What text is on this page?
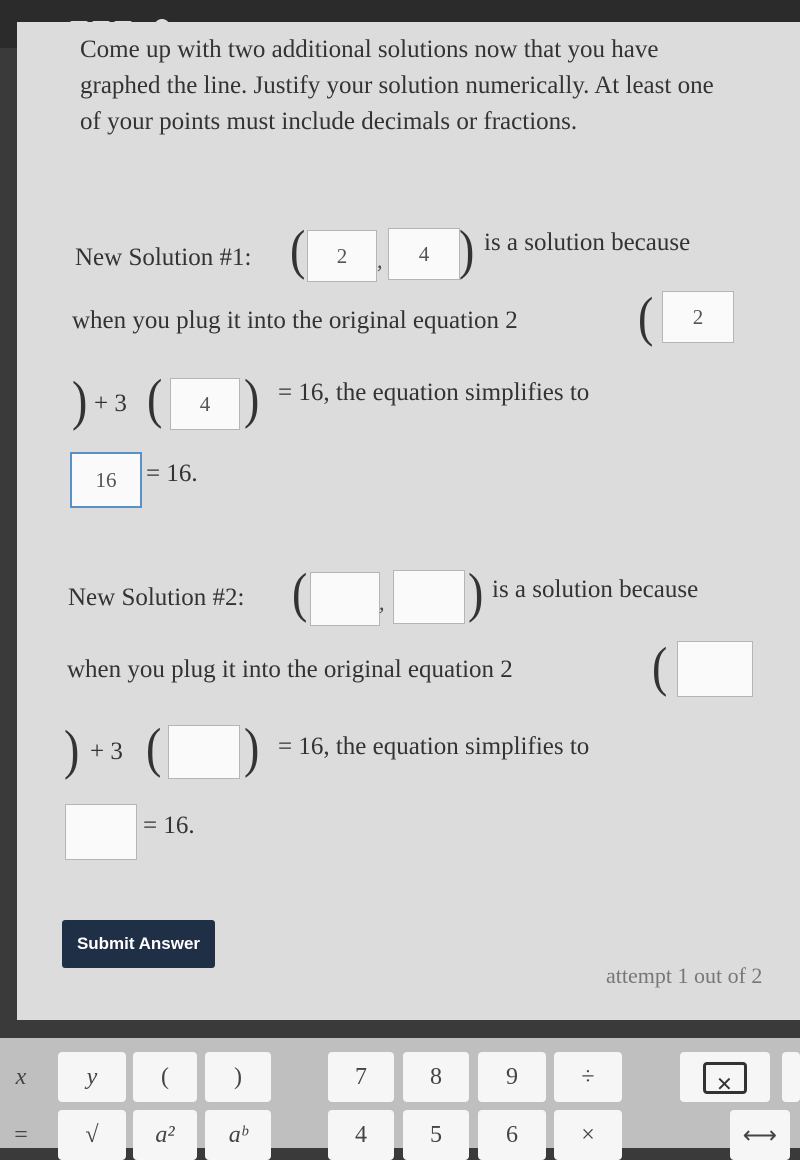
Come up with two additional solutions now that you have graphed the line. Justify your solution numerically. At least one of your points must include decimals or fractions.
New Solution #1: (	2	,	4 ) is a solution because
when you plug it into the original equation 2	(	2
) + 3 (	4 ) = 16, the equation simplifies to
16	= 16.
New Solution #2: (	, ) is a solution because
when you plug it into the original equation 2	(
) + 3 ( ) = 16, the equation simplifies to
= 16.
Submit Answer
attempt 1 out of 2
x	y	(	)	7	8	9	÷
✕
=	√	a²	aᵇ	4	5	6	×	⟷
